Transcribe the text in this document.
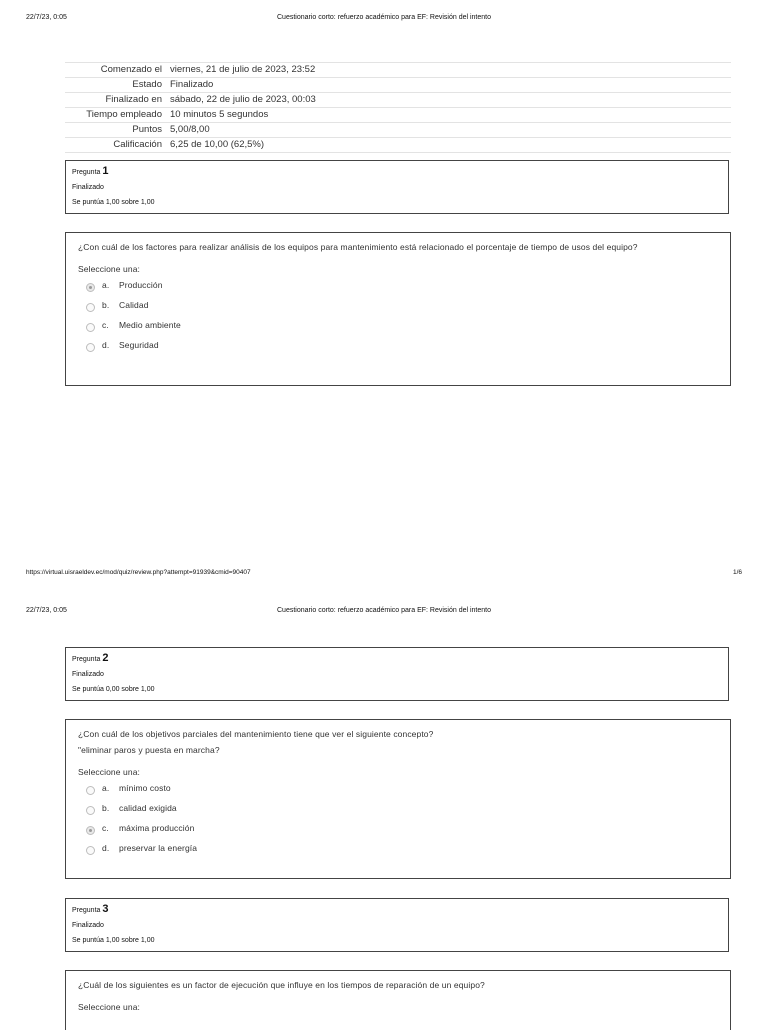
22/7/23, 0:05	Cuestionario corto: refuerzo académico para EF: Revisión del intento
Comenzado el	viernes, 21 de julio de 2023, 23:52
Estado	Finalizado
Finalizado en	sábado, 22 de julio de 2023, 00:03
Tiempo empleado	10 minutos 5 segundos
Puntos	5,00/8,00
Calificación	6,25 de 10,00 (62,5%)
Pregunta 1
Finalizado
Se puntúa 1,00 sobre 1,00

¿Con cuál de los factores para realizar análisis de los equipos para mantenimiento está relacionado el porcentaje de tiempo de usos del equipo?

Seleccione una:
a. Producción
b. Calidad
c. Medio ambiente
d. Seguridad
https://virtual.uisraeldev.ec/mod/quiz/review.php?attempt=91939&cmid=90407	1/6
22/7/23, 0:05	Cuestionario corto: refuerzo académico para EF: Revisión del intento
Pregunta 2
Finalizado
Se puntúa 0,00 sobre 1,00

¿Con cuál de los objetivos parciales del mantenimiento tiene que ver el siguiente concepto?

"eliminar paros y puesta en marcha?

Seleccione una:
a. mínimo costo
b. calidad exigida
c. máxima producción
d. preservar la energía
Pregunta 3
Finalizado
Se puntúa 1,00 sobre 1,00

¿Cuál de los siguientes es un factor de ejecución que influye en los tiempos de reparación de un equipo?

Seleccione una:
